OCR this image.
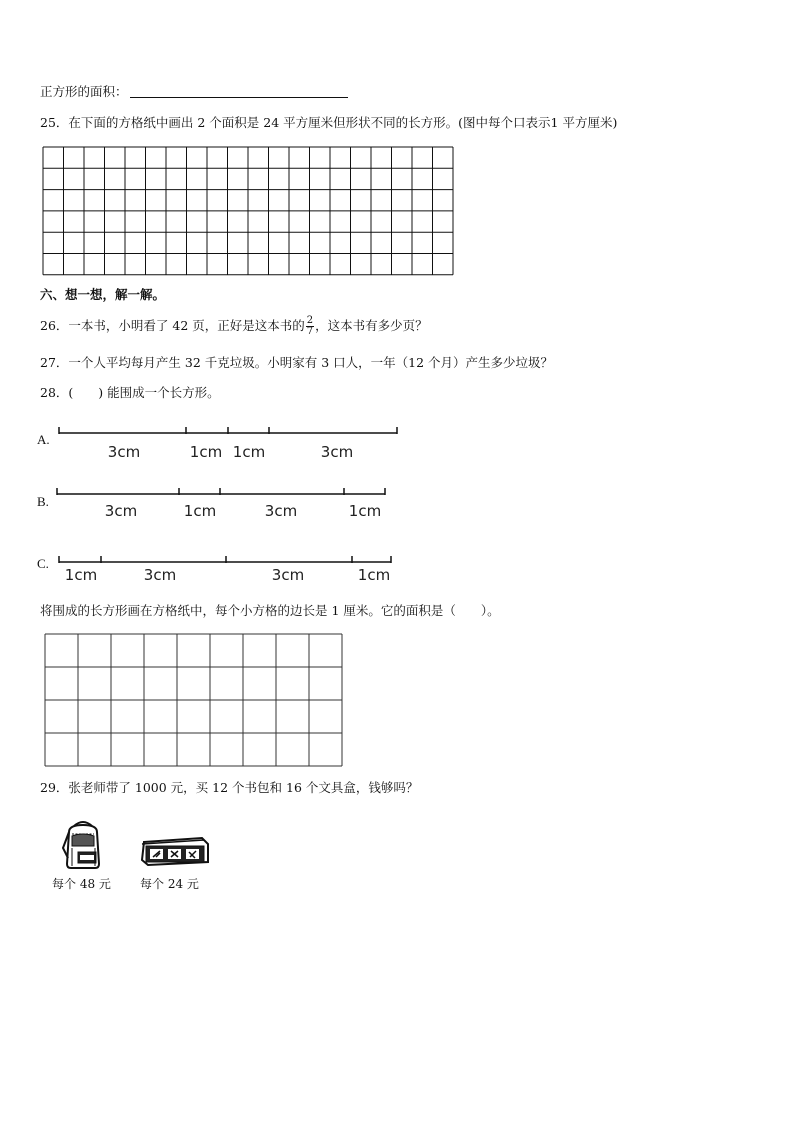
正方形的面积：
25．在下面的方格纸中画出 2 个面积是 24 平方厘米但形状不同的长方形。(图中每个口表示1 平方厘米)
六、想一想，解一解。
26．一本书，小明看了 42 页，正好是这本书的 $\frac{2}{7}$ ，这本书有多少页？
27．一个人平均每月产生 32 千克垃圾。小明家有 3 口人，一年（12 个月）产生多少垃圾？
28．(　　) 能围成一个长方形。
A.
3cm	1cm 1cm	3cm
B.
3cm	1cm	3cm	1cm
C.
1cm	3cm	3cm	1cm
将围成的长方形画在方格纸中，每个小方格的边长是 1 厘米。它的面积是（　　）。
29．张老师带了 1000 元，买 12 个书包和 16 个文具盒，钱够吗？
每个 48 元 每个 24 元
